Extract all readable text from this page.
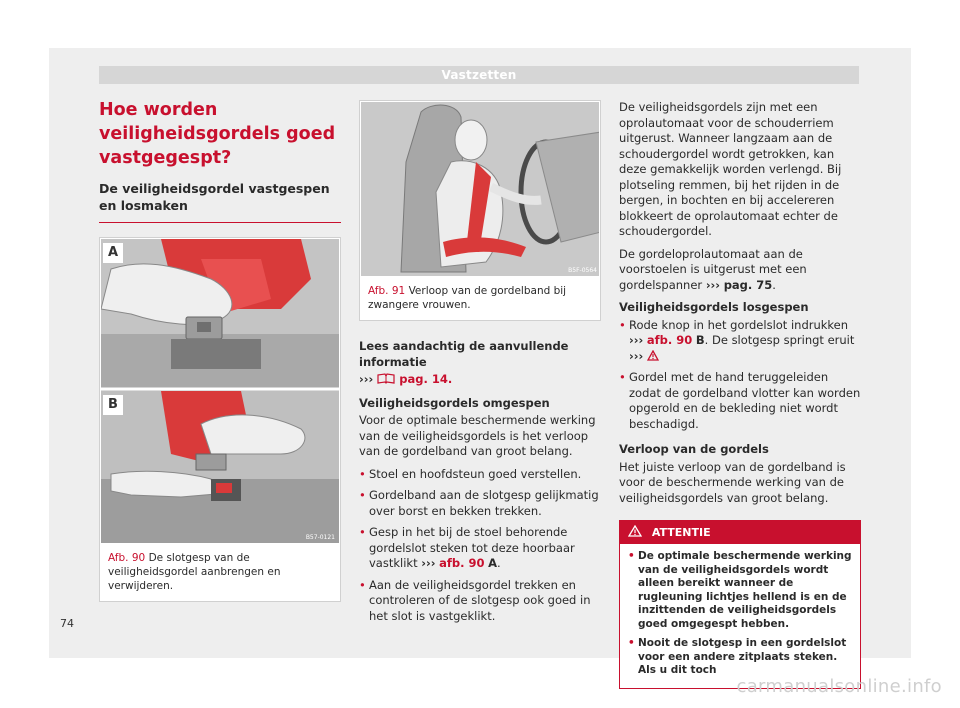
Vastzetten
Hoe worden veiligheidsgordels goed vastgegespt?
De veiligheidsgordel vastgespen en losmaken
B57-0121
A
B
Afb. 90 De slotgesp van de veiligheidsgordel aanbrengen en verwijderen.
B5F-0564
Afb. 91 Verloop van de gordelband bij zwangere vrouwen.

Lees aandachtig de aanvullende informatie

››› pag. 14.

Veiligheidsgordels omgespen

Voor de optimale beschermende werking van de veiligheidsgordels is het verloop van de gordelband van groot belang.

• Stoel en hoofdsteun goed verstellen.
• Gordelband aan de slotgesp gelijkmatig over borst en bekken trekken.
• Gesp in het bij de stoel behorende gordelslot steken tot deze hoorbaar vastklikt ››› afb. 90 A.
• Aan de veiligheidsgordel trekken en controleren of de slotgesp ook goed in het slot is vastgeklikt.

De veiligheidsgordels zijn met een oprolautomaat voor de schouderriem uitgerust. Wanneer langzaam aan de schoudergordel wordt getrokken, kan deze gemakkelijk worden verlengd. Bij plotseling remmen, bij het rijden in de bergen, in bochten en bij accelereren blokkeert de oprolautomaat echter de schoudergordel.

De gordeloprolautomaat aan de voorstoelen is uitgerust met een gordelspanner ››› pag. 75.

Veiligheidsgordels losgespen

• Rode knop in het gordelslot indrukken ››› afb. 90 B. De slotgesp springt eruit ›››
• Gordel met de hand teruggeleiden zodat de gordelband vlotter kan worden opgerold en de bekleding niet wordt beschadigd.

Verloop van de gordels

Het juiste verloop van de gordelband is voor de beschermende werking van de veiligheidsgordels van groot belang.

ATTENTIE
• De optimale beschermende werking van de veiligheidsgordels wordt alleen bereikt wanneer de rugleuning lichtjes hellend is en de inzittenden de veiligheidsgordels goed omgegespt hebben.
• Nooit de slotgesp in een gordelslot voor een andere zitplaats steken. Als u dit toch
74
carmanualsonline.info
